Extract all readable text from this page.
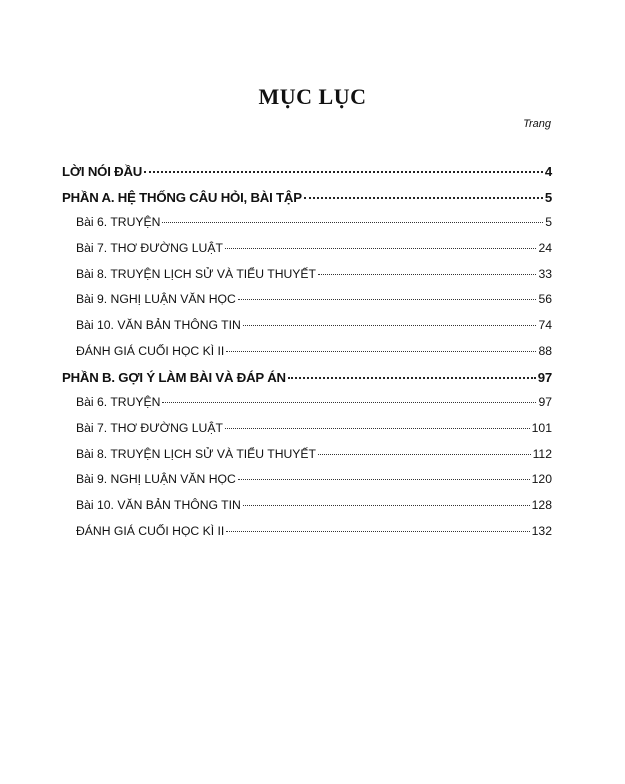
MỤC LỤC
Trang
LỜI NÓI ĐẦU	4
PHẦN A. HỆ THỐNG CÂU HỎI, BÀI TẬP	5
Bài 6. TRUYỆN	5
Bài 7. THƠ ĐƯỜNG LUẬT	24
Bài 8. TRUYỆN LỊCH SỬ VÀ TIỂU THUYẾT	33
Bài 9. NGHỊ LUẬN VĂN HỌC	56
Bài 10. VĂN BẢN THÔNG TIN	74
ĐÁNH GIÁ CUỐI HỌC KÌ II	88
PHẦN B. GỢI Ý LÀM BÀI VÀ ĐÁP ÁN	97
Bài 6. TRUYỆN	97
Bài 7. THƠ ĐƯỜNG LUẬT	101
Bài 8. TRUYỆN LỊCH SỬ VÀ TIỂU THUYẾT	112
Bài 9. NGHỊ LUẬN VĂN HỌC	120
Bài 10. VĂN BẢN THÔNG TIN	128
ĐÁNH GIÁ CUỐI HỌC KÌ II	132
